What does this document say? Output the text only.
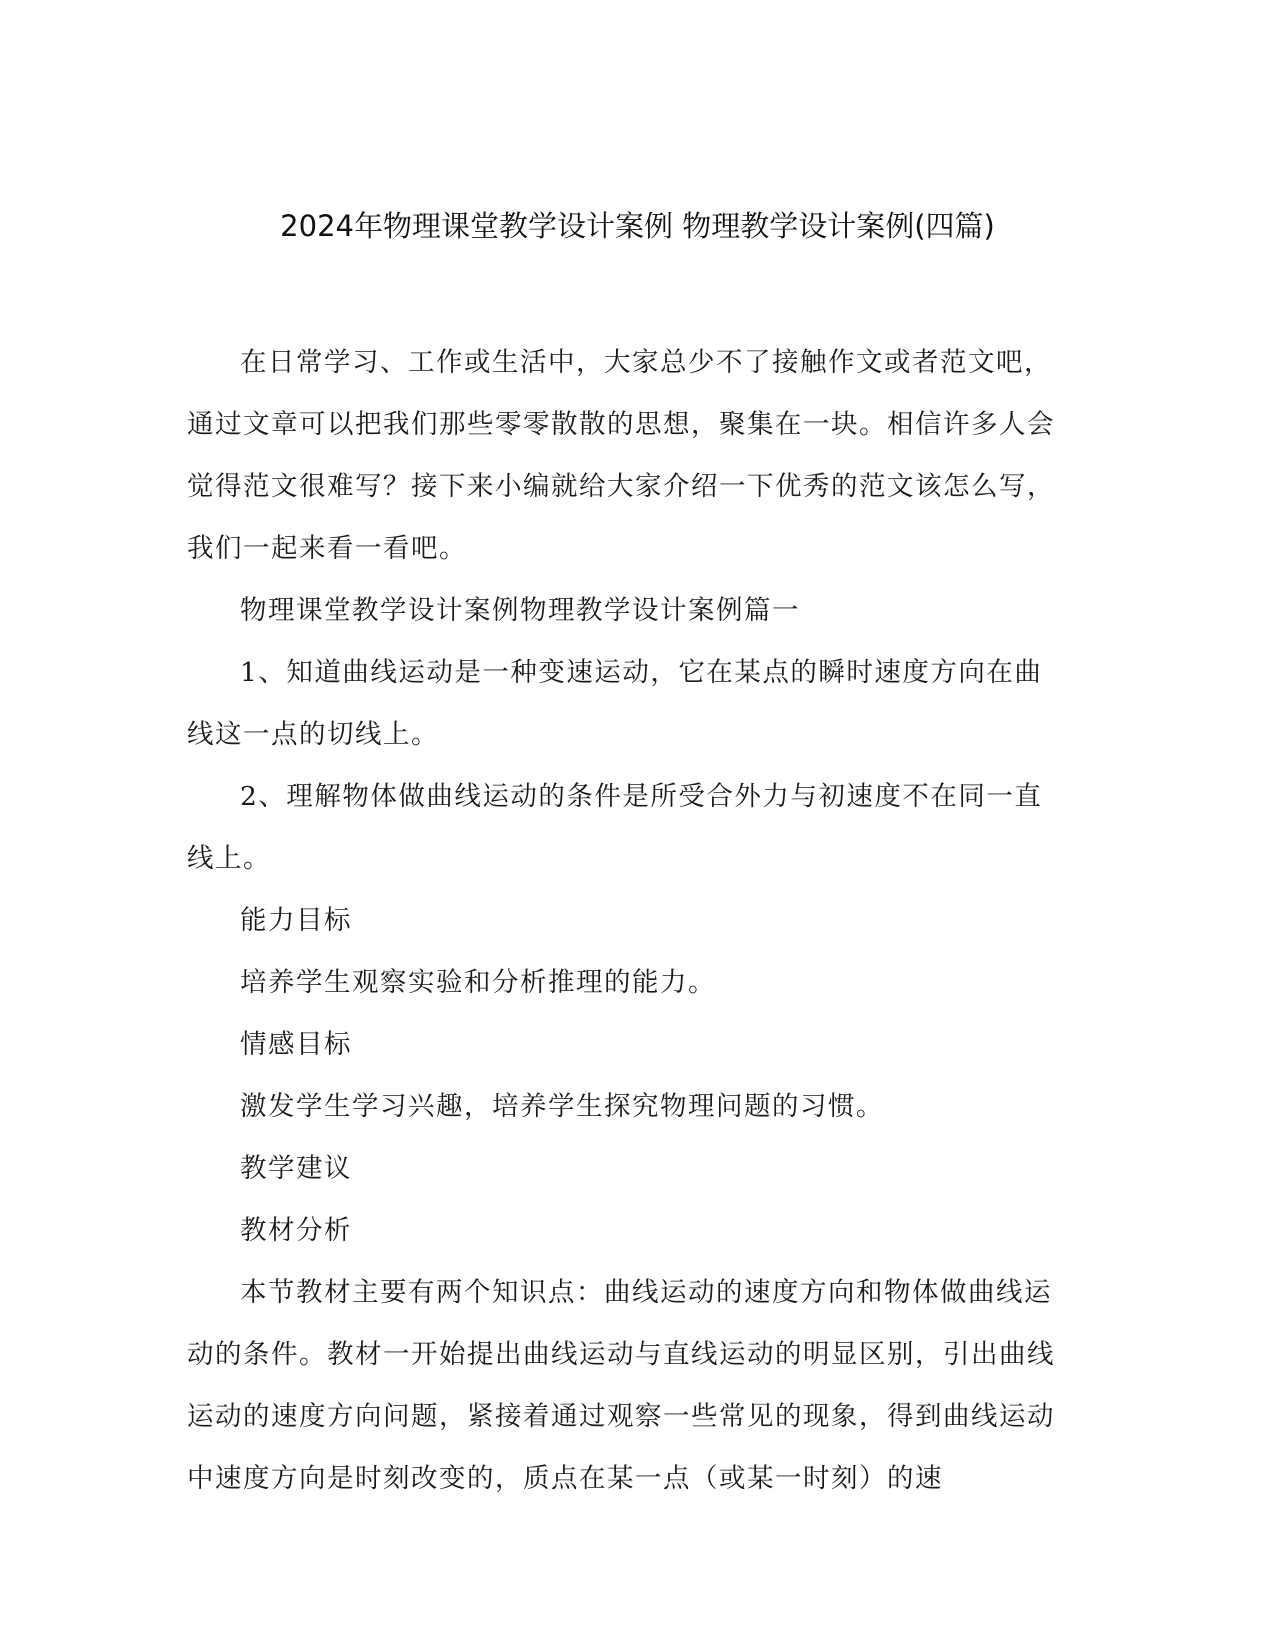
2024年物理课堂教学设计案例 物理教学设计案例(四篇)

在日常学习、工作或生活中，大家总少不了接触作文或者范文吧，通过文章可以把我们那些零零散散的思想，聚集在一块。相信许多人会觉得范文很难写？接下来小编就给大家介绍一下优秀的范文该怎么写，我们一起来看一看吧。

物理课堂教学设计案例物理教学设计案例篇一

1、知道曲线运动是一种变速运动，它在某点的瞬时速度方向在曲线这一点的切线上。

2、理解物体做曲线运动的条件是所受合外力与初速度不在同一直线上。

能力目标

培养学生观察实验和分析推理的能力。

情感目标

激发学生学习兴趣，培养学生探究物理问题的习惯。

教学建议

教材分析

本节教材主要有两个知识点：曲线运动的速度方向和物体做曲线运动的条件。教材一开始提出曲线运动与直线运动的明显区别，引出曲线运动的速度方向问题，紧接着通过观察一些常见的现象，得到曲线运动中速度方向是时刻改变的，质点在某一点（或某一时刻）的速
